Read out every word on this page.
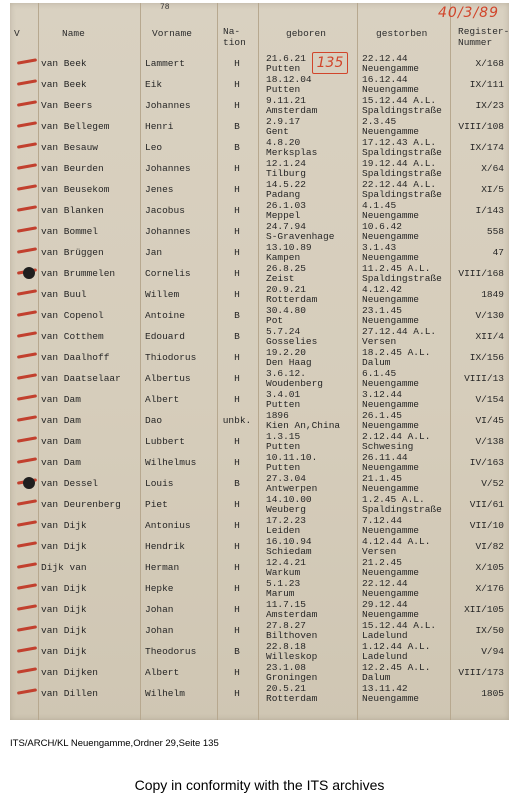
78	40/3/89
V	Name	Vorname	Na-
tion
geboren	gestorben	Register-
Nummer
135
van Beek	Lammert	H	21.6.21
Putten
22.12.44
Neuengamme	X/168
van Beek	Eik	H	18.12.04
Putten
16.12.44
Neuengamme	IX/111
Van Beers	Johannes	H	9.11.21
Amsterdam
15.12.44 A.L.
Spaldingstraße	IX/23
van Bellegem	Henri	B	2.9.17
Gent
2.3.45
Neuengamme	VIII/108
van Besauw	Leo	B	4.8.20
Merksplas
17.12.43 A.L.
Spaldingstraße	IX/174
van Beurden	Johannes	H	12.1.24
Tilburg
19.12.44 A.L.
Spaldingstraße	X/64
van Beusekom	Jenes	H	14.5.22
Padang
22.12.44 A.L.
Spaldingstraße	XI/5
van Blanken	Jacobus	H	26.1.03
Meppel
4.1.45
Neuengamme	I/143
van Bommel	Johannes	H	24.7.94
S-Gravenhage
10.6.42
Neuengamme	558
van Brüggen	Jan	H	13.10.89
Kampen
3.1.43
Neuengamme	47
van Brummelen	Cornelis	H	26.8.25
Zeist
11.2.45 A.L.
Spaldingstraße VIII/168
van Buul	Willem	H	20.9.21
Rotterdam
4.12.42
Neuengamme	1849
van Copenol	Antoine	B	30.4.80
Pot
23.1.45
Neuengamme	V/130
van Cotthem	Edouard	B	5.7.24
Gosselies
27.12.44 A.L.
Versen	XII/4
van Daalhoff	Thiodorus	H	19.2.20
Den Haag
18.2.45 A.L.
Dalum	IX/156
van Daatselaar	Albertus	H	3.6.12.
Woudenberg
6.1.45
Neuengamme	VIII/13
van Dam	Albert	H	3.4.01
Putten
3.12.44
Neuengamme	V/154
van Dam	Dao	unbk. 1896
Kien An,China
26.1.45
Neuengamme	VI/45
van Dam	Lubbert	H	1.3.15
Putten
2.12.44 A.L.
Schwesing	V/138
van Dam	Wilhelmus	H	10.11.10.
Putten
26.11.44
Neuengamme	IV/163
van Dessel	Louis	B	27.3.04
Antwerpen
21.1.45
Neuengamme	V/52
van Deurenberg	Piet	H	14.10.00
Weuberg
1.2.45 A.L.
Spaldingstraße	VII/61
van Dijk	Antonius	H	17.2.23
Leiden
7.12.44
Neuengamme	VII/10
van Dijk	Hendrik	H	16.10.94
Schiedam
4.12.44 A.L.
Versen	VI/82
Dijk van	Herman	H	12.4.21
Warkum
21.2.45
Neuengamme	X/105
van Dijk	Hepke	H	5.1.23
Marum
22.12.44
Neuengamme	X/176
van Dijk	Johan	H	11.7.15
Amsterdam
29.12.44
Neuengamme	XII/105
van Dijk	Johan	H	27.8.27
Bilthoven
15.12.44 A.L.
Ladelund	IX/50
van Dijk	Theodorus	B	22.8.18
Willeskop
1.12.44 A.L.
Ladelund	V/94
van Dijken	Albert	H	23.1.08
Groningen
12.2.45 A.L.
Dalum	VIII/173
van Dillen	Wilhelm	H	20.5.21
Rotterdam
13.11.42
Neuengamme	1805
ITS/ARCH/KL Neuengamme,Ordner 29,Seite 135
Copy in conformity with the ITS archives
